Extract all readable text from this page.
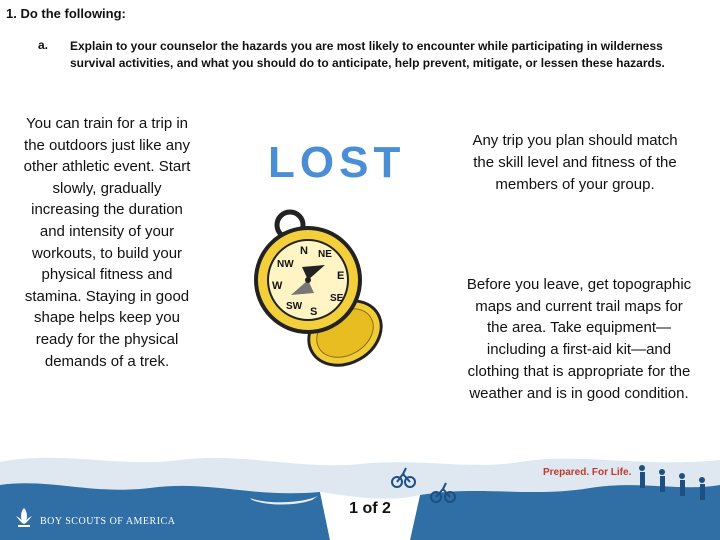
1. Do the following:
a. Explain to your counselor the hazards you are most likely to encounter while participating in wilderness survival activities, and what you should do to anticipate, help prevent, mitigate, or lessen these hazards.
You can train for a trip in the outdoors just like any other athletic event. Start slowly, gradually increasing the duration and intensity of your workouts, to build your physical fitness and stamina. Staying in good shape helps keep you ready for the physical demands of a trek.
Any trip you plan should match the skill level and fitness of the members of your group.
Before you leave, get topographic maps and current trail maps for the area. Take equipment—including a first-aid kit—and clothing that is appropriate for the weather and is in good condition.
LOST
N NE
E
SE
S
SW
W
NW
BOY SCOUTS OF AMERICA
Prepared. For Life.
1 of 2
